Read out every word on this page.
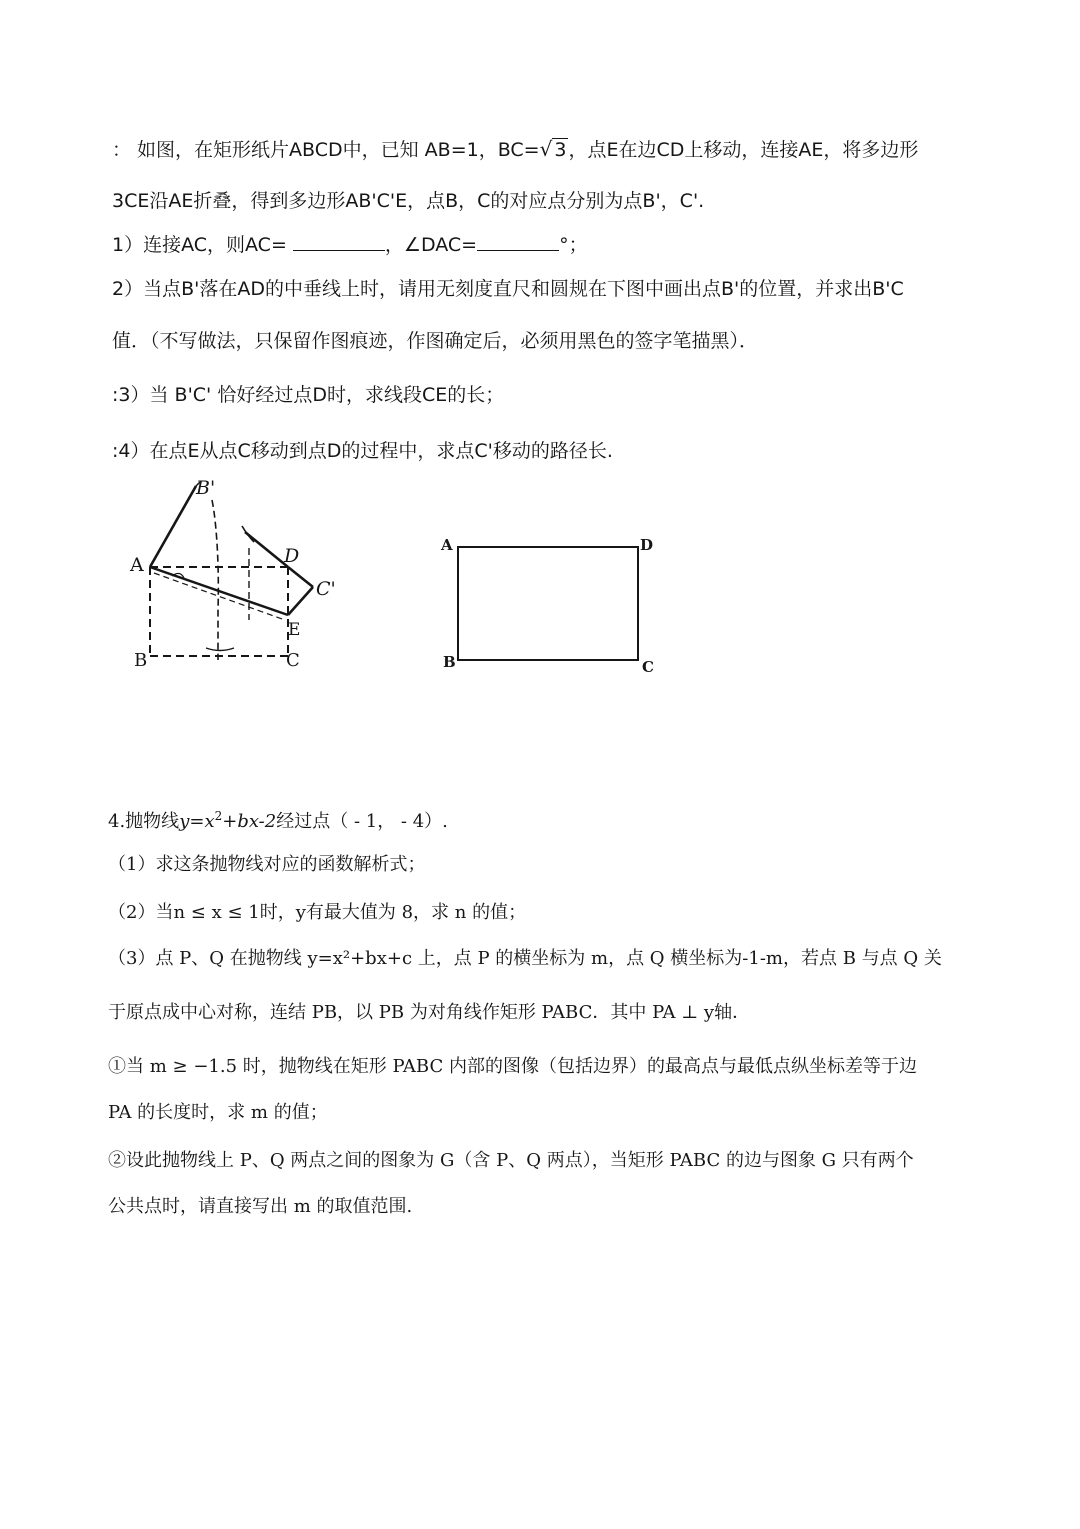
： 如图，在矩形纸片ABCD中，已知 AB=1，BC=√ 3 ，点E在边CD上移动，连接AE，将多边形
3CE沿AE折叠，得到多边形AB'C'E，点B，C的对应点分别为点B'，C'.
1）连接AC，则AC=	，∠DAC=	°；
2）当点B'落在AD的中垂线上时，请用无刻度直尺和圆规在下图中画出点B'的位置，并求出B'C
值．（不写做法，只保留作图痕迹，作图确定后，必须用黑色的签字笔描黑）．
:3）当 B'C' 恰好经过点D时，求线段CE的长；
:4）在点E从点C移动到点D的过程中，求点C'移动的路径长.
A
B	C
D
E
B'
C'
A	D
B	C
4.抛物线$y=x^2+bx-2$经过点（ - 1， - 4）.
（1）求这条抛物线对应的函数解析式；
（2）当n ≤ x ≤ 1时，y有最大值为 8，求 n 的值；
（3）点 P、Q 在抛物线 y=x²+bx+c 上，点 P 的横坐标为 m，点 Q 横坐标为-1-m，若点 B 与点 Q 关
于原点成中心对称，连结 PB，以 PB 为对角线作矩形 PABC．其中 PA ⊥ y轴．
①当 m ≥ −1.5 时，抛物线在矩形 PABC 内部的图像（包括边界）的最高点与最低点纵坐标差等于边
PA 的长度时，求 m 的值；
②设此抛物线上 P、Q 两点之间的图象为 G（含 P、Q 两点），当矩形 PABC 的边与图象 G 只有两个
公共点时，请直接写出 m 的取值范围.
